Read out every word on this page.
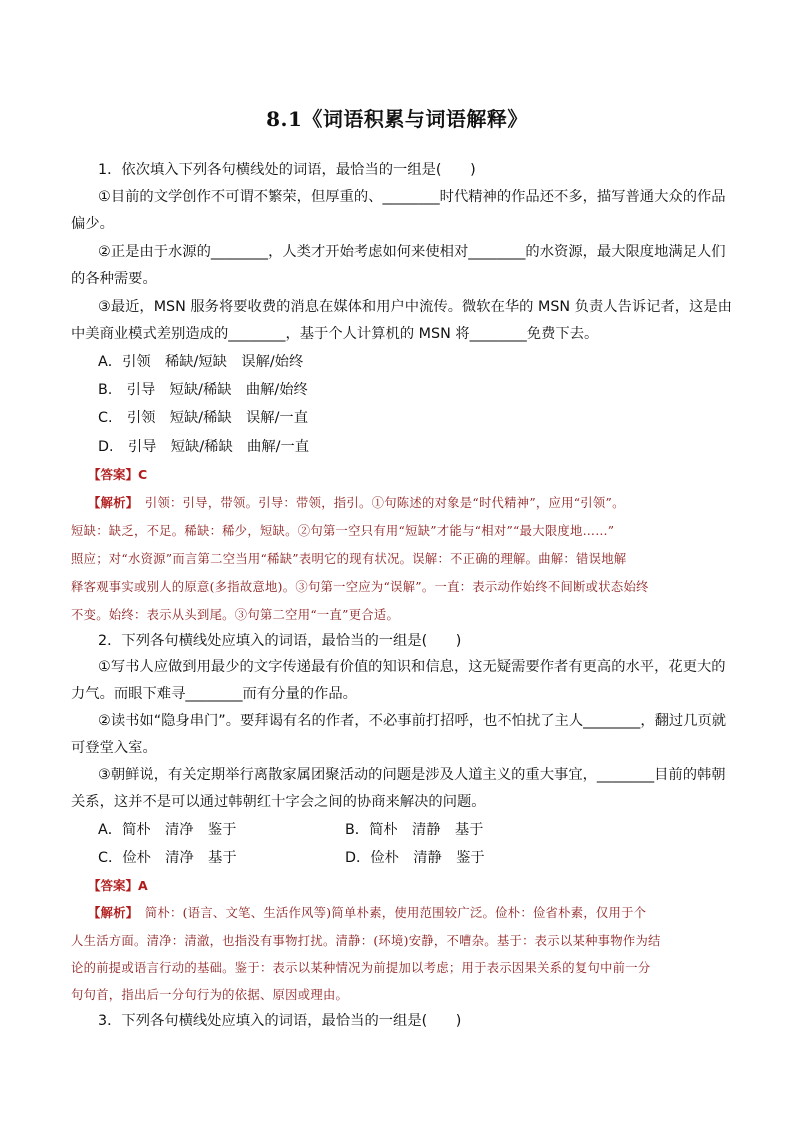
8.1《词语积累与词语解释》
1．依次填入下列各句横线处的词语，最恰当的一组是(　　)
①目前的文学创作不可谓不繁荣，但厚重的、________时代精神的作品还不多，描写普通大众的作品
偏少。
②正是由于水源的________，人类才开始考虑如何来使相对________的水资源，最大限度地满足人们
的各种需要。
③最近，MSN 服务将要收费的消息在媒体和用户中流传。微软在华的 MSN 负责人告诉记者，这是由
中美商业模式差别造成的________，基于个人计算机的 MSN 将________免费下去。
A．引领　稀缺/短缺　误解/始终
B.　引导　短缺/稀缺　曲解/始终
C.　引领　短缺/稀缺　误解/一直
D.　引导　短缺/稀缺　曲解/一直
【答案】C
【解析】　引领：引导，带领。引导：带领，指引。①句陈述的对象是“时代精神”，应用“引领”。
短缺：缺乏，不足。稀缺：稀少，短缺。②句第一空只有用“短缺”才能与“相对”“最大限度地……”
照应；对“水资源”而言第二空当用“稀缺”表明它的现有状况。误解：不正确的理解。曲解：错误地解
释客观事实或别人的原意(多指故意地)。③句第一空应为“误解”。一直：表示动作始终不间断或状态始终
不变。始终：表示从头到尾。③句第二空用“一直”更合适。
2．下列各句横线处应填入的词语，最恰当的一组是(　　)
①写书人应做到用最少的文字传递最有价值的知识和信息，这无疑需要作者有更高的水平，花更大的
力气。而眼下难寻________而有分量的作品。
②读书如“隐身串门”。要拜谒有名的作者，不必事前打招呼，也不怕扰了主人________，翻过几页就
可登堂入室。
③朝鲜说，有关定期举行离散家属团聚活动的问题是涉及人道主义的重大事宜，________目前的韩朝
关系，这并不是可以通过韩朝红十字会之间的协商来解决的问题。
A．简朴　清净　鉴于	B．简朴　清静　基于
C．俭朴　清净　基于	D．俭朴　清静　鉴于
【答案】A
【解析】　简朴：(语言、文笔、生活作风等)简单朴素，使用范围较广泛。俭朴：俭省朴素，仅用于个
人生活方面。清净：清澈，也指没有事物打扰。清静：(环境)安静，不嘈杂。基于：表示以某种事物作为结
论的前提或语言行动的基础。鉴于：表示以某种情况为前提加以考虑；用于表示因果关系的复句中前一分
句句首，指出后一分句行为的依据、原因或理由。
3．下列各句横线处应填入的词语，最恰当的一组是(　　)
